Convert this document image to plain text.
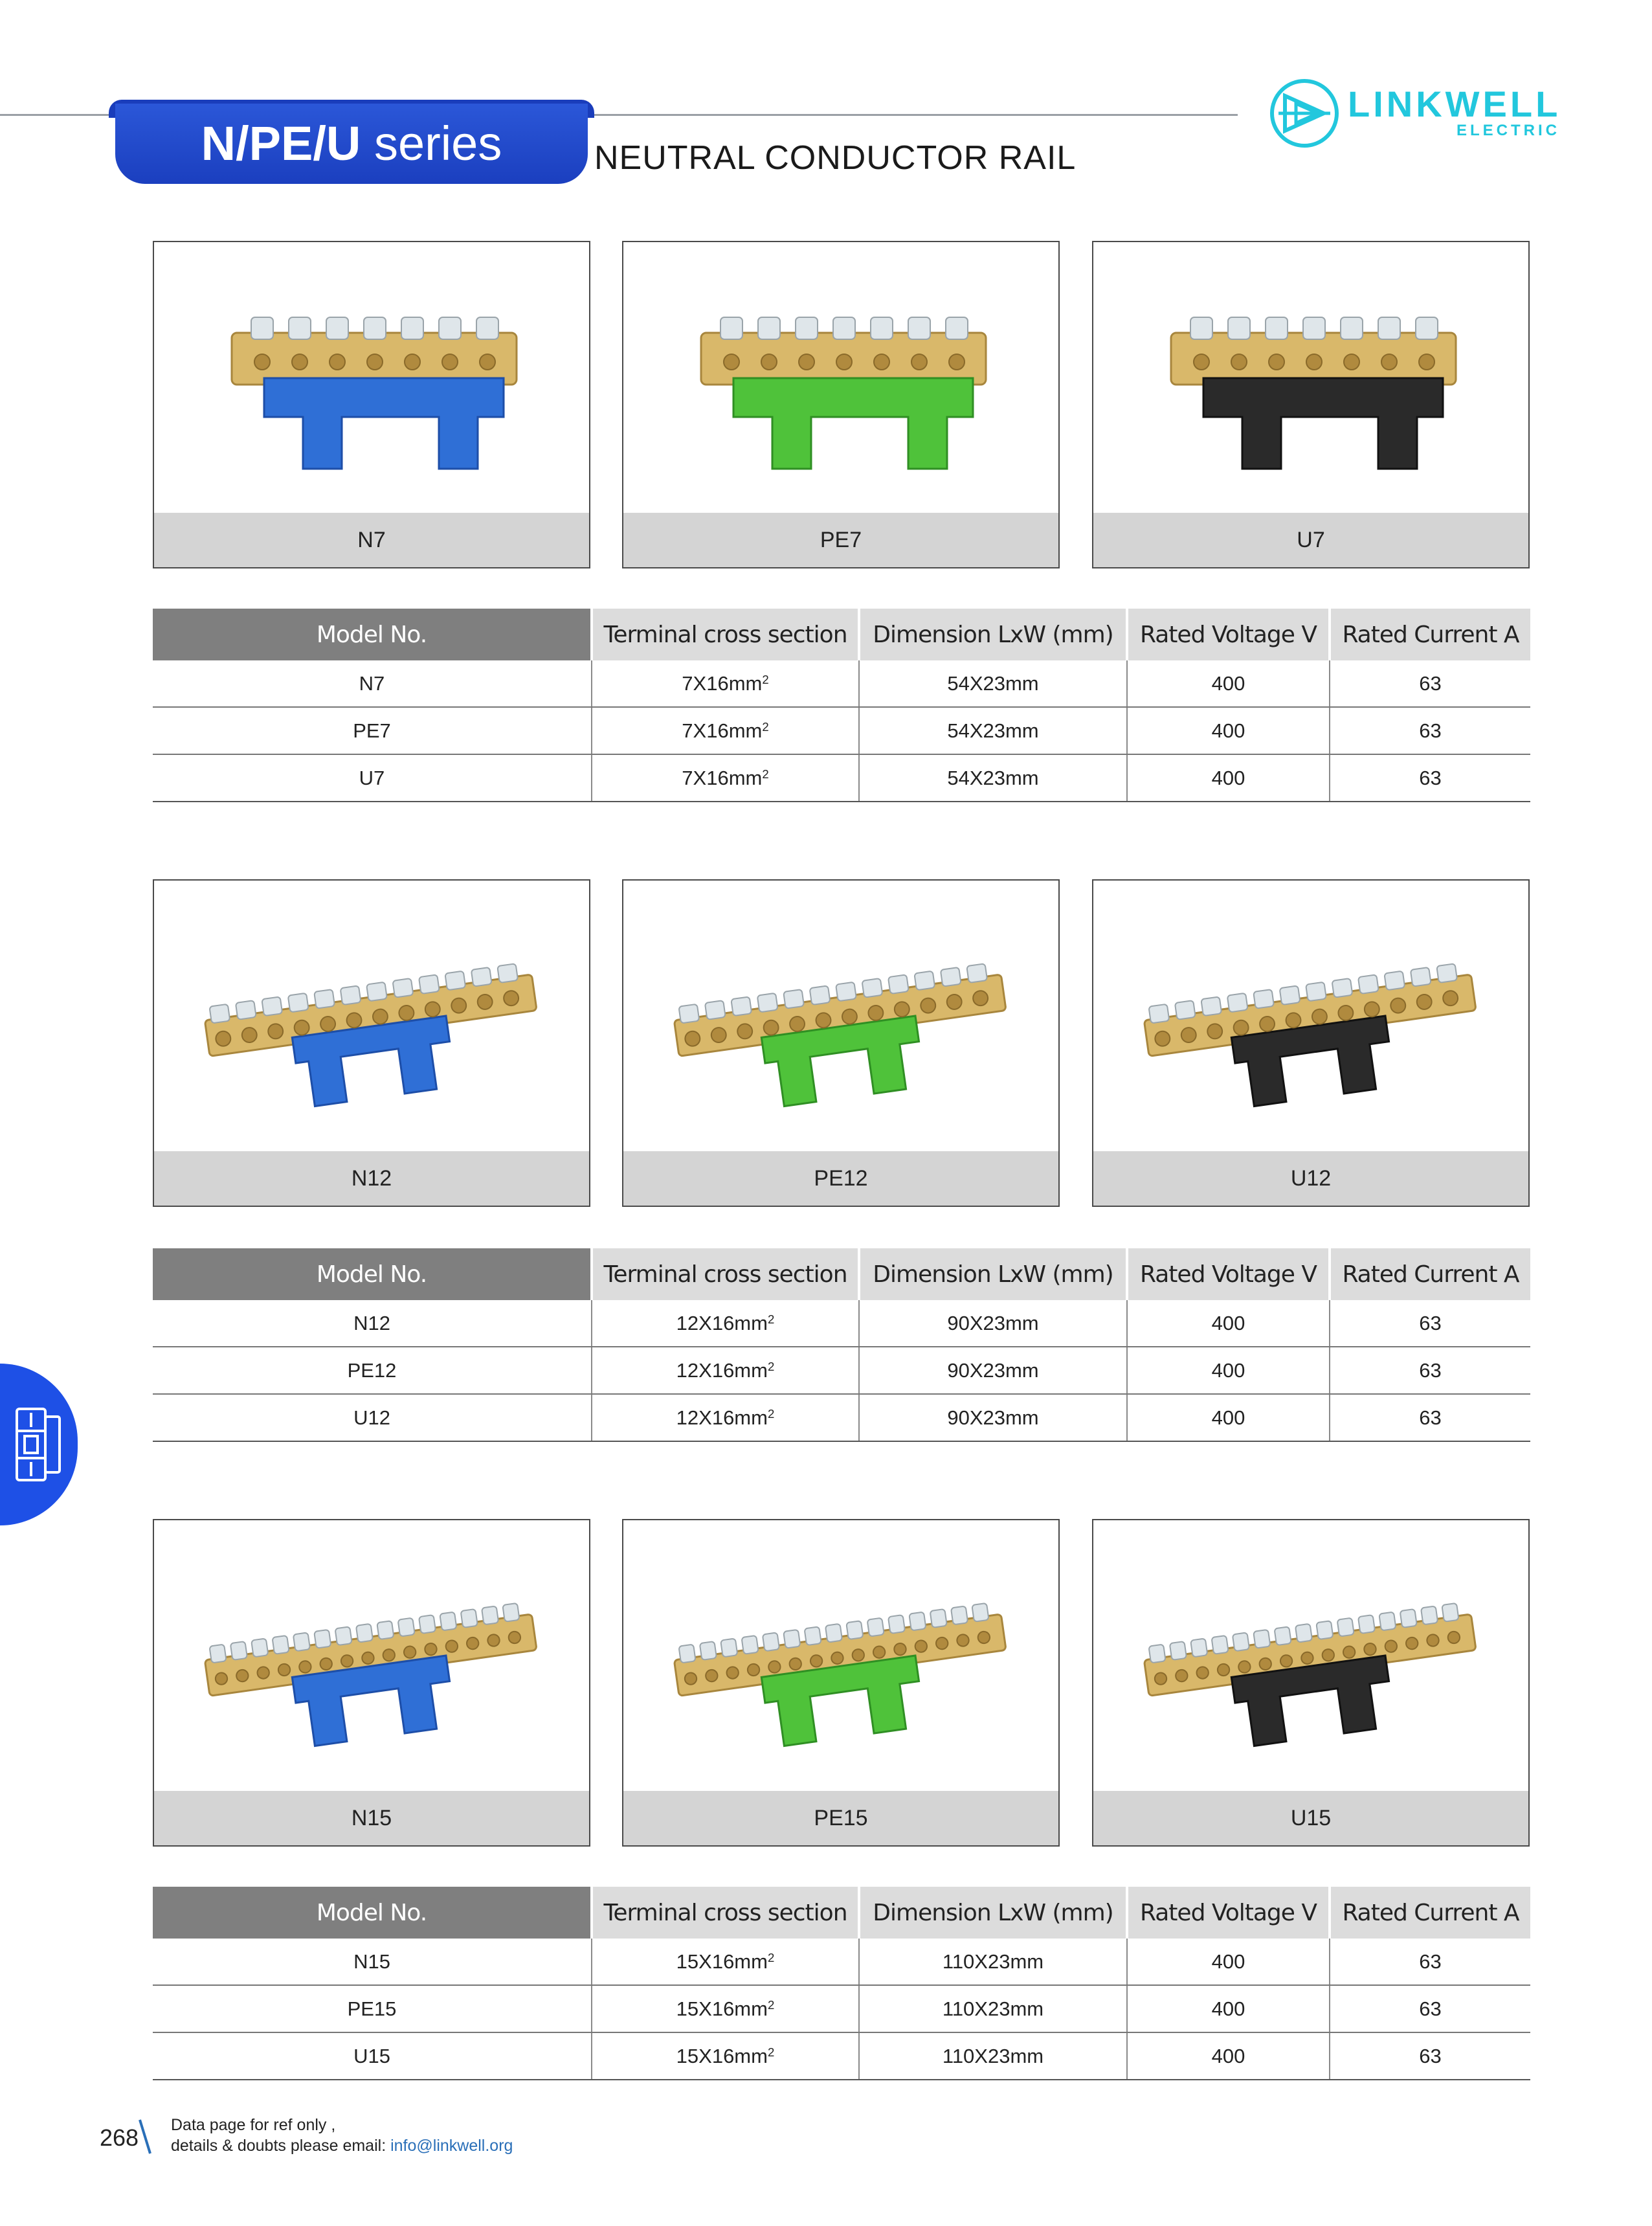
N/PE/U series	NEUTRAL CONDUCTOR RAIL
LINKWELL
ELECTRIC
N7	PE7	U7
Model No.	Terminal cross section	Dimension LxW (mm)	Rated Voltage V	Rated Current A
N7	$7X16mm^2$	54X23mm	400	63
PE7	$7X16mm^2$	54X23mm	400	63
U7	$7X16mm^2$	54X23mm	400	63
N12	PE12	U12
Model No.	Terminal cross section	Dimension LxW (mm)	Rated Voltage V	Rated Current A
N12	$12X16mm^2$	90X23mm	400	63
PE12	$12X16mm^2$	90X23mm	400	63
U12	$12X16mm^2$	90X23mm	400	63
N15	PE15	U15
Model No.	Terminal cross section	Dimension LxW (mm)	Rated Voltage V	Rated Current A
N15	$15X16mm^2$	110X23mm	400	63
PE15	$15X16mm^2$	110X23mm	400	63
U15	$15X16mm^2$	110X23mm	400	63
268 Data page for ref only ,
details & doubts please email: info@linkwell.org
